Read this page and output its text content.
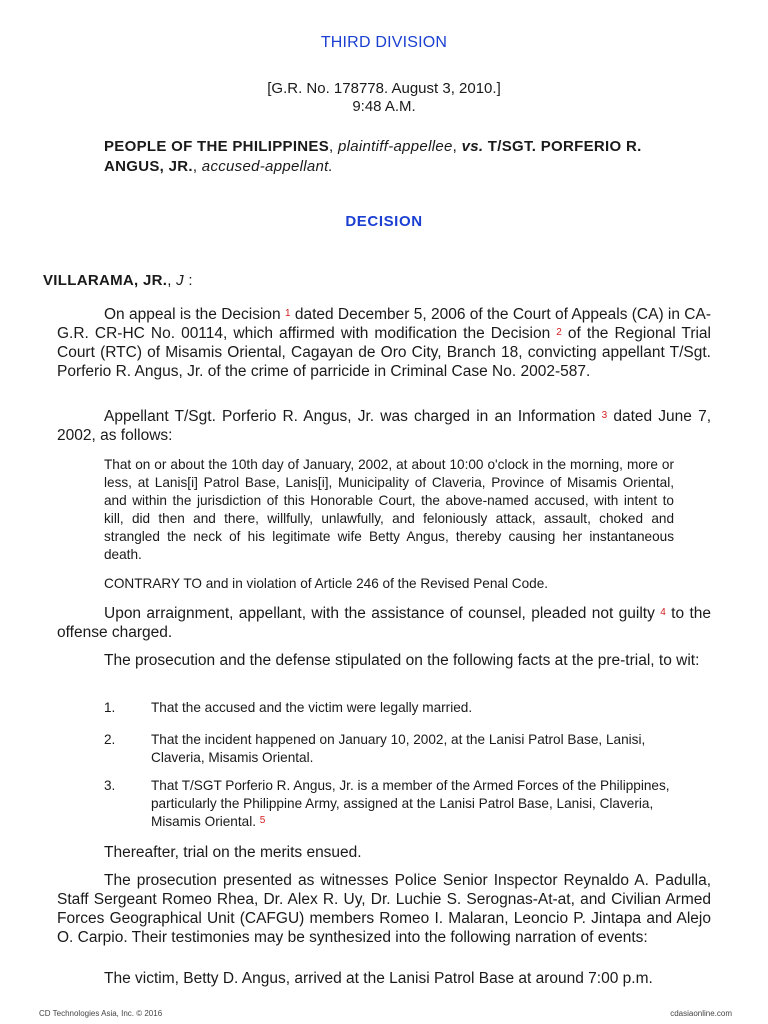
THIRD DIVISION
[G.R. No. 178778. August 3, 2010.]
9:48 A.M.
PEOPLE OF THE PHILIPPINES, plaintiff-appellee, vs. T/SGT. PORFERIO R. ANGUS, JR., accused-appellant.
DECISION
VILLARAMA, JR., J :
On appeal is the Decision $^1$ dated December 5, 2006 of the Court of Appeals (CA) in CA-G.R. CR-HC No. 00114, which affirmed with modification the Decision $^2$ of the Regional Trial Court (RTC) of Misamis Oriental, Cagayan de Oro City, Branch 18, convicting appellant T/Sgt. Porferio R. Angus, Jr. of the crime of parricide in Criminal Case No. 2002-587.
Appellant T/Sgt. Porferio R. Angus, Jr. was charged in an Information $^3$ dated June 7, 2002, as follows:
That on or about the 10th day of January, 2002, at about 10:00 o'clock in the morning, more or less, at Lanis[i] Patrol Base, Lanis[i], Municipality of Claveria, Province of Misamis Oriental, and within the jurisdiction of this Honorable Court, the above-named accused, with intent to kill, did then and there, willfully, unlawfully, and feloniously attack, assault, choked and strangled the neck of his legitimate wife Betty Angus, thereby causing her instantaneous death.
CONTRARY TO and in violation of Article 246 of the Revised Penal Code.
Upon arraignment, appellant, with the assistance of counsel, pleaded not guilty $^4$ to the offense charged.
The prosecution and the defense stipulated on the following facts at the pre-trial, to wit:
1.	That the accused and the victim were legally married.
2.	That the incident happened on January 10, 2002, at the Lanisi Patrol Base, Lanisi, Claveria, Misamis Oriental.
3.	That T/SGT Porferio R. Angus, Jr. is a member of the Armed Forces of the Philippines, particularly the Philippine Army, assigned at the Lanisi Patrol Base, Lanisi, Claveria, Misamis Oriental. $^5$
Thereafter, trial on the merits ensued.
The prosecution presented as witnesses Police Senior Inspector Reynaldo A. Padulla, Staff Sergeant Romeo Rhea, Dr. Alex R. Uy, Dr. Luchie S. Serognas-At-at, and Civilian Armed Forces Geographical Unit (CAFGU) members Romeo I. Malaran, Leoncio P. Jintapa and Alejo O. Carpio. Their testimonies may be synthesized into the following narration of events:
The victim, Betty D. Angus, arrived at the Lanisi Patrol Base at around 7:00 p.m.
CD Technologies Asia, Inc. © 2016	cdasiaonline.com
